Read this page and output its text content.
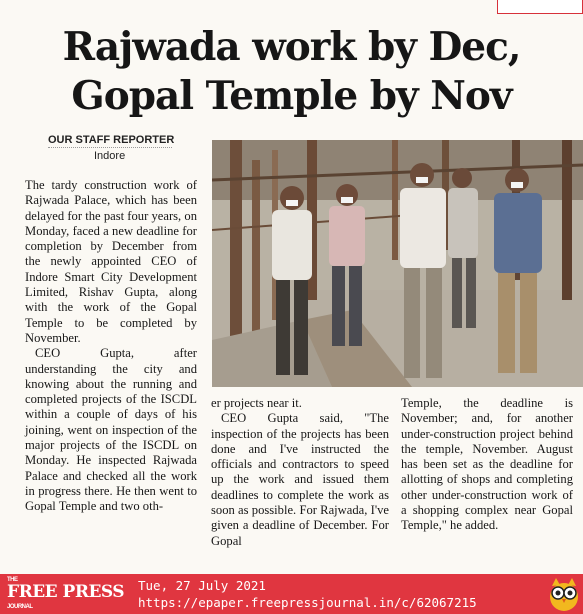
Rajwada work by Dec,
Gopal Temple by Nov
OUR STAFF REPORTER
Indore

The tardy construction work of Rajwada Palace, which has been delayed for the past four years, on Monday, faced a new deadline for completion by December from the newly appointed CEO of Indore Smart City Development Limited, Rishav Gupta, along with the work of the Gopal Temple to be completed by November.

CEO Gupta, after understanding the city and knowing about the running and completed projects of the ISCDL within a couple of days of his joining, went on inspection of the major projects of the ISCDL on Monday. He inspected Rajwada Palace and checked all the work in progress there. He then went to Gopal Temple and two oth-

er projects near it.

CEO Gupta said, "The inspection of the projects has been done and I've instructed the officials and contractors to speed up the work and issued them deadlines to complete the work as soon as possible. For Rajwada, I've given a deadline of December. For Gopal

Temple, the deadline is November; and, for another under-construction project behind the temple, November. August has been set as the deadline for allotting of shops and completing other under-construction work of a shopping complex near Gopal Temple," he added.

THE
FREE PRESS
JOURNAL
Tue, 27 July 2021
https://epaper.freepressjournal.in/c/62067215
